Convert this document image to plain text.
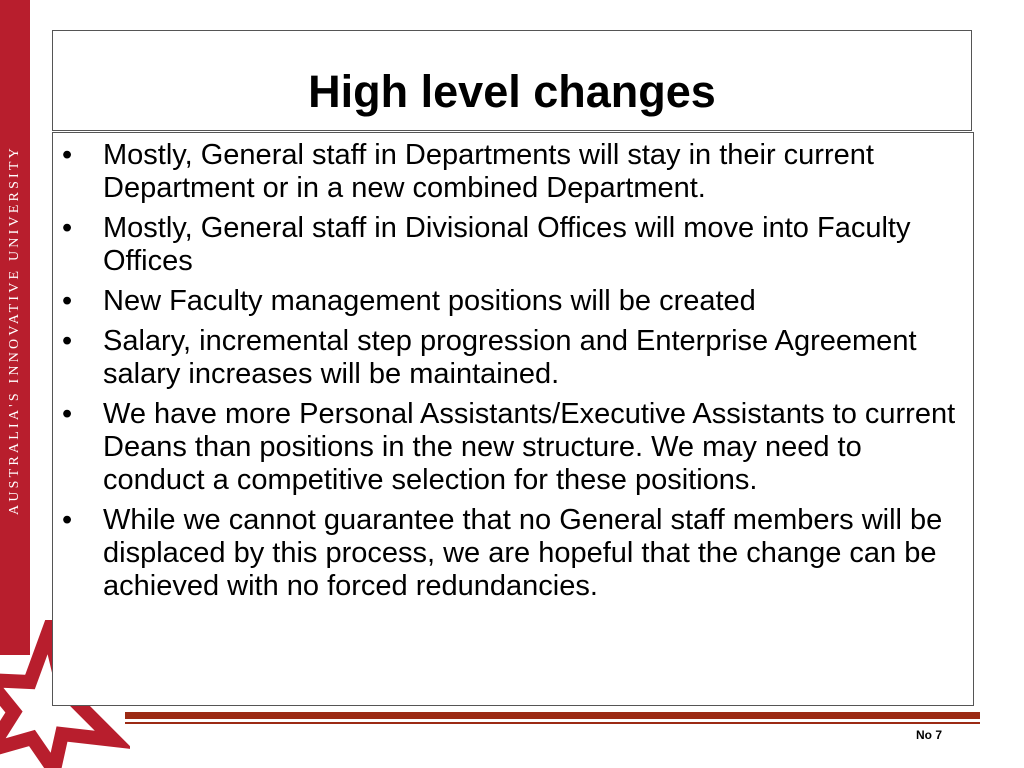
AUSTRALIA'S INNOVATIVE UNIVERSITY
High level changes
• Mostly, General staff in Departments will stay in their current Department or in a new combined Department.
• Mostly, General staff in Divisional Offices will move into Faculty Offices
• New Faculty management positions will be created
• Salary, incremental step progression and Enterprise Agreement salary increases will be maintained.
• We have more Personal Assistants/Executive Assistants to current Deans than positions in the new structure. We may need to conduct a competitive selection for these positions.
• While we cannot guarantee that no General staff members will be displaced by this process, we are hopeful that the change can be achieved with no forced redundancies.
No 7
